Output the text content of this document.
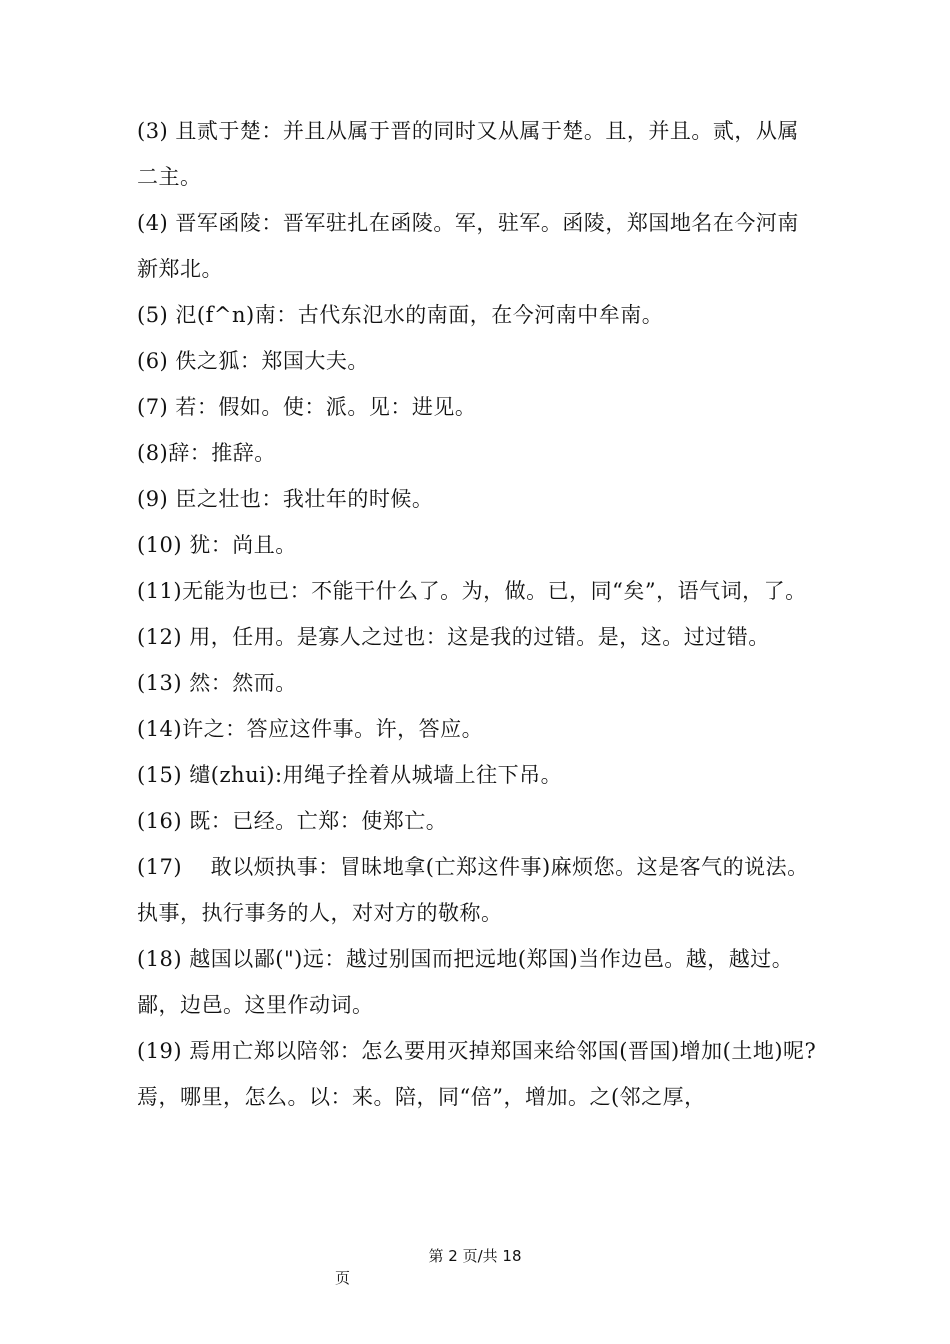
(3) 且贰于楚：并且从属于晋的同时又从属于楚。且，并且。贰，从属二主。

(4) 晋军函陵：晋军驻扎在函陵。军，驻军。函陵，郑国地名在今河南新郑北。

(5) 氾(f^n)南：古代东氾水的南面，在今河南中牟南。

(6) 佚之狐：郑国大夫。

(7) 若：假如。使：派。见：进见。

(8)辞：推辞。

(9) 臣之壮也：我壮年的时候。

(10) 犹：尚且。

(11)无能为也已：不能干什么了。为，做。已，同“矣”，语气词，了。

(12) 用，任用。是寡人之过也：这是我的过错。是，这。过过错。

(13) 然：然而。

(14)许之：答应这件事。许，答应。

(15) 缱(zhui):用绳子拴着从城墙上往下吊。

(16) 既：已经。亡郑：使郑亡。

(17)　 敢以烦执事：冒昧地拿(亡郑这件事)麻烦您。这是客气的说法。执事，执行事务的人，对对方的敬称。

(18) 越国以鄙(")远：越过别国而把远地(郑国)当作边邑。越，越过。鄙，边邑。这里作动词。

(19) 焉用亡郑以陪邻：怎么要用灭掉郑国来给邻国(晋国)增加(土地)呢?焉，哪里，怎么。以：来。陪，同“倍”，增加。之(邻之厚，

第 2 页/共 18
页
